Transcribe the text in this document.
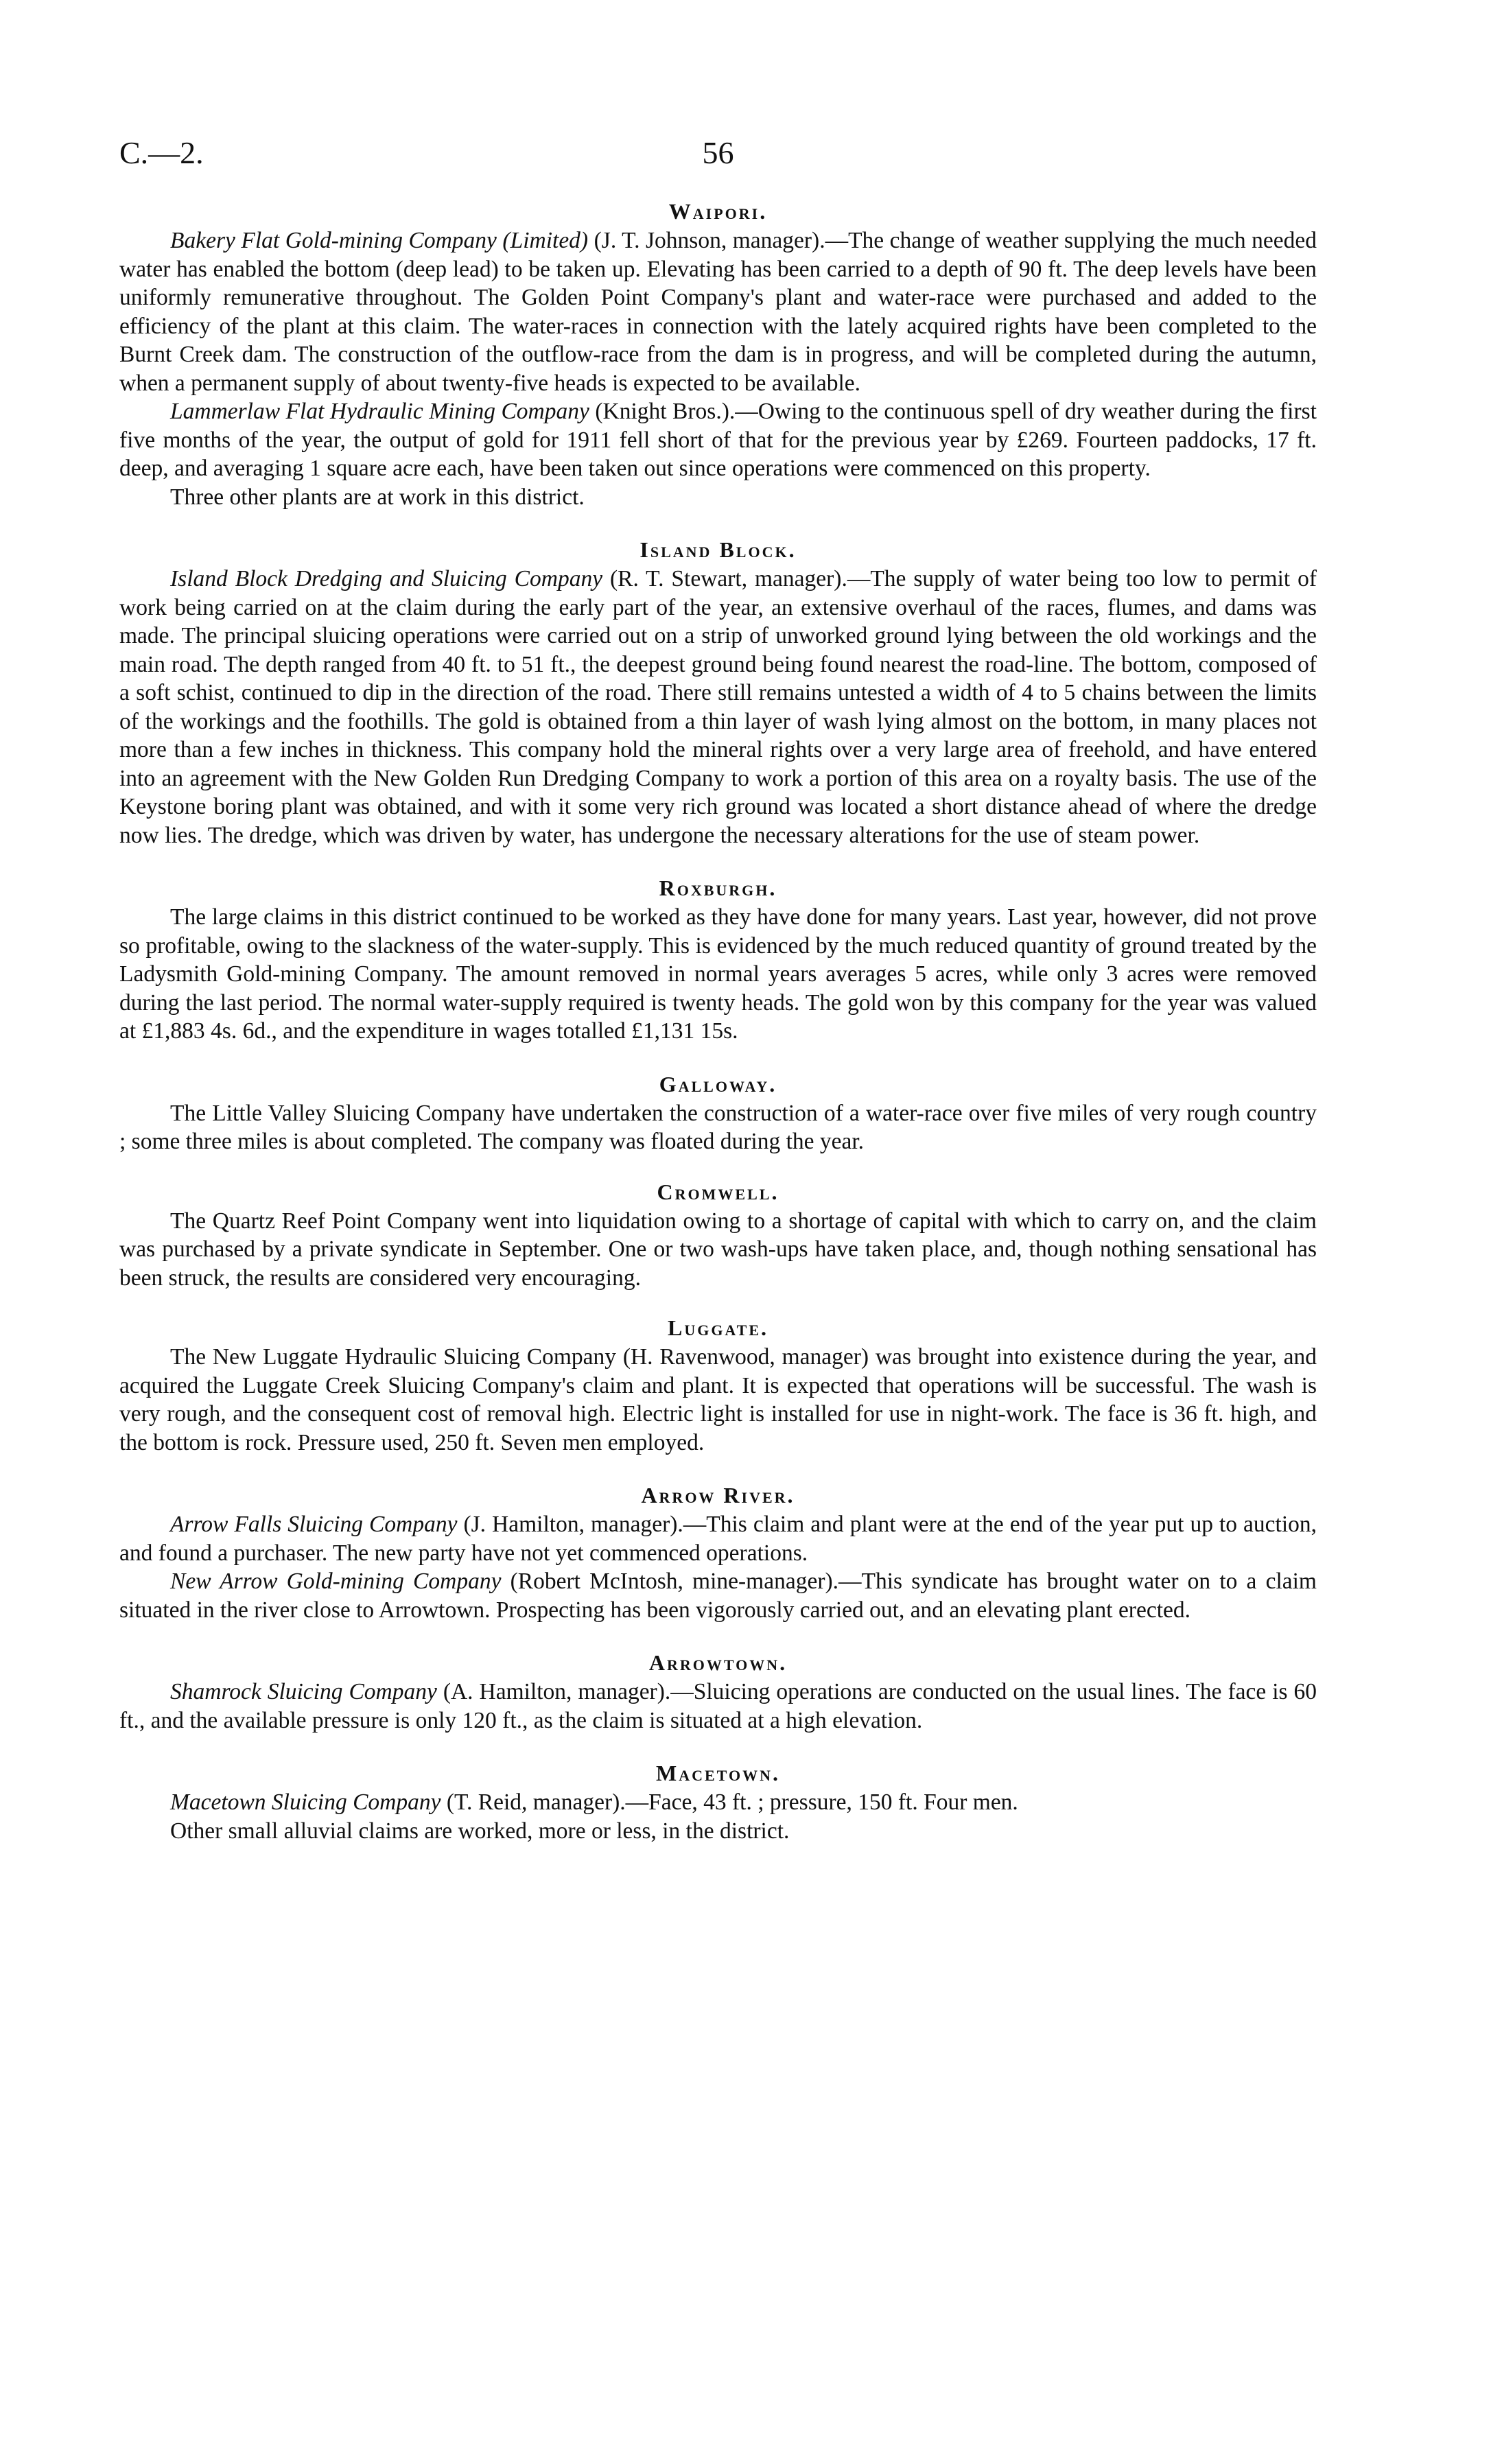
C.—2.	56
Waipori.

Bakery Flat Gold-mining Company (Limited) (J. T. Johnson, manager).—The change of weather supplying the much needed water has enabled the bottom (deep lead) to be taken up. Elevating has been carried to a depth of 90 ft. The deep levels have been uniformly remunerative throughout. The Golden Point Company's plant and water-race were purchased and added to the efficiency of the plant at this claim. The water-races in connection with the lately acquired rights have been completed to the Burnt Creek dam. The construction of the outflow-race from the dam is in progress, and will be completed during the autumn, when a permanent supply of about twenty-five heads is expected to be available.

Lammerlaw Flat Hydraulic Mining Company (Knight Bros.).—Owing to the continuous spell of dry weather during the first five months of the year, the output of gold for 1911 fell short of that for the previous year by £269. Fourteen paddocks, 17 ft. deep, and averaging 1 square acre each, have been taken out since operations were commenced on this property.

Three other plants are at work in this district.

Island Block.

Island Block Dredging and Sluicing Company (R. T. Stewart, manager).—The supply of water being too low to permit of work being carried on at the claim during the early part of the year, an extensive overhaul of the races, flumes, and dams was made. The principal sluicing operations were carried out on a strip of unworked ground lying between the old workings and the main road. The depth ranged from 40 ft. to 51 ft., the deepest ground being found nearest the road-line. The bottom, composed of a soft schist, continued to dip in the direction of the road. There still remains untested a width of 4 to 5 chains between the limits of the workings and the foothills. The gold is obtained from a thin layer of wash lying almost on the bottom, in many places not more than a few inches in thickness. This company hold the mineral rights over a very large area of freehold, and have entered into an agreement with the New Golden Run Dredging Company to work a portion of this area on a royalty basis. The use of the Keystone boring plant was obtained, and with it some very rich ground was located a short distance ahead of where the dredge now lies. The dredge, which was driven by water, has undergone the necessary alterations for the use of steam power.

Roxburgh.

The large claims in this district continued to be worked as they have done for many years. Last year, however, did not prove so profitable, owing to the slackness of the water-supply. This is evidenced by the much reduced quantity of ground treated by the Ladysmith Gold-mining Company. The amount removed in normal years averages 5 acres, while only 3 acres were removed during the last period. The normal water-supply required is twenty heads. The gold won by this company for the year was valued at £1,883 4s. 6d., and the expenditure in wages totalled £1,131 15s.

Galloway.

The Little Valley Sluicing Company have undertaken the construction of a water-race over five miles of very rough country ; some three miles is about completed. The company was floated during the year.

Cromwell.

The Quartz Reef Point Company went into liquidation owing to a shortage of capital with which to carry on, and the claim was purchased by a private syndicate in September. One or two wash-ups have taken place, and, though nothing sensational has been struck, the results are considered very encouraging.

Luggate.

The New Luggate Hydraulic Sluicing Company (H. Ravenwood, manager) was brought into existence during the year, and acquired the Luggate Creek Sluicing Company's claim and plant. It is expected that operations will be successful. The wash is very rough, and the consequent cost of removal high. Electric light is installed for use in night-work. The face is 36 ft. high, and the bottom is rock. Pressure used, 250 ft. Seven men employed.

Arrow River.

Arrow Falls Sluicing Company (J. Hamilton, manager).—This claim and plant were at the end of the year put up to auction, and found a purchaser. The new party have not yet commenced operations.

New Arrow Gold-mining Company (Robert McIntosh, mine-manager).—This syndicate has brought water on to a claim situated in the river close to Arrowtown. Prospecting has been vigorously carried out, and an elevating plant erected.

Arrowtown.

Shamrock Sluicing Company (A. Hamilton, manager).—Sluicing operations are conducted on the usual lines. The face is 60 ft., and the available pressure is only 120 ft., as the claim is situated at a high elevation.

Macetown.

Macetown Sluicing Company (T. Reid, manager).—Face, 43 ft. ; pressure, 150 ft. Four men.

Other small alluvial claims are worked, more or less, in the district.
